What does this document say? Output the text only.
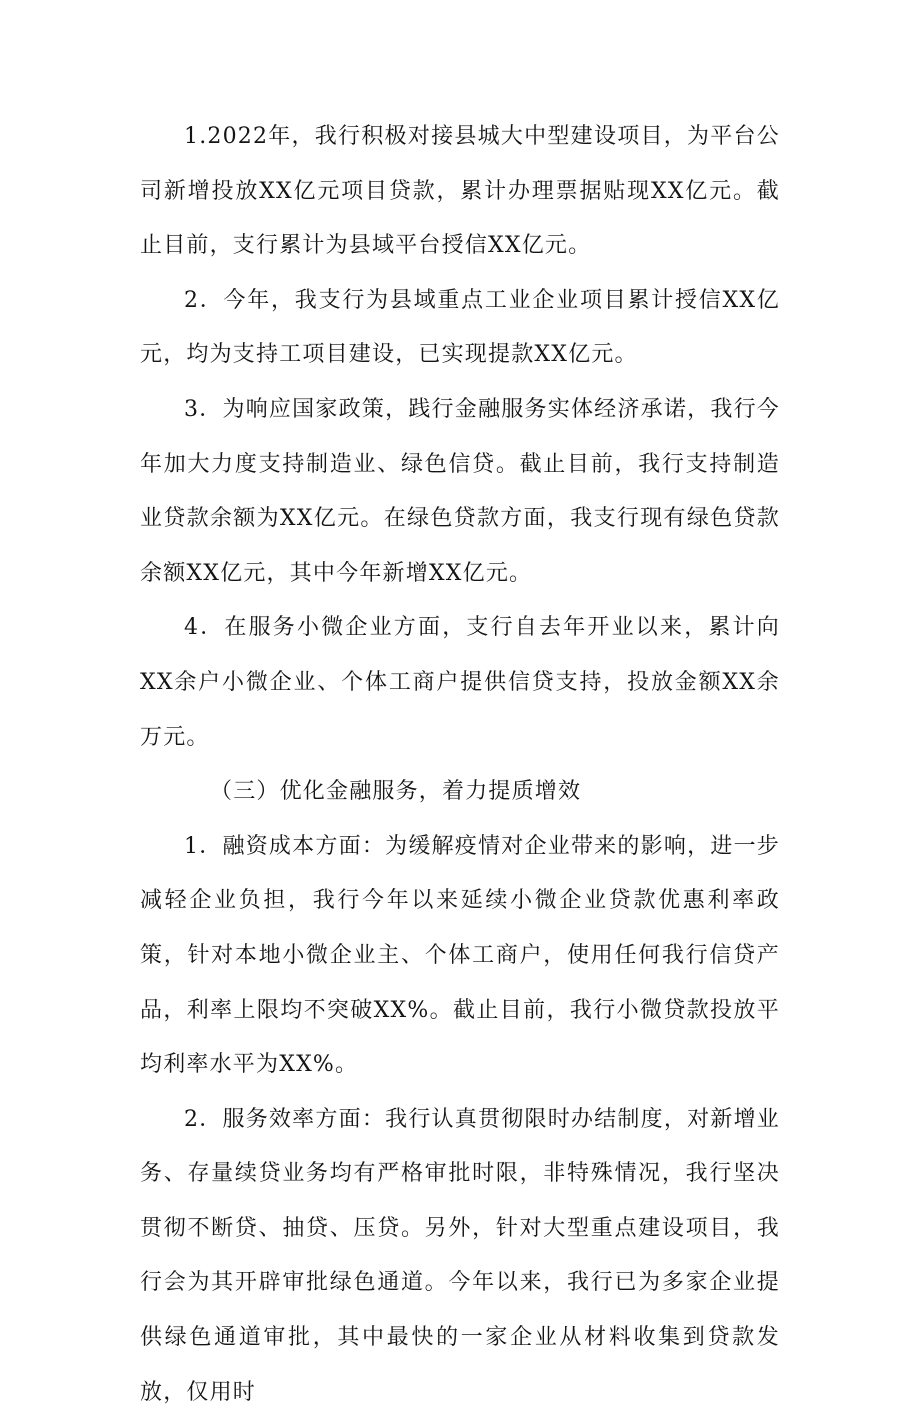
1.2022年，我行积极对接县城大中型建设项目，为平台公司新增投放XX亿元项目贷款，累计办理票据贴现XX亿元。截止目前，支行累计为县域平台授信XX亿元。

2．今年，我支行为县域重点工业企业项目累计授信XX亿元，均为支持工项目建设，已实现提款XX亿元。

3．为响应国家政策，践行金融服务实体经济承诺，我行今年加大力度支持制造业、绿色信贷。截止目前，我行支持制造业贷款余额为XX亿元。在绿色贷款方面，我支行现有绿色贷款余额XX亿元，其中今年新增XX亿元。

4．在服务小微企业方面，支行自去年开业以来，累计向XX余户小微企业、个体工商户提供信贷支持，投放金额XX余万元。

（三）优化金融服务，着力提质增效

1．融资成本方面：为缓解疫情对企业带来的影响，进一步减轻企业负担，我行今年以来延续小微企业贷款优惠利率政策，针对本地小微企业主、个体工商户，使用任何我行信贷产品，利率上限均不突破XX%。截止目前，我行小微贷款投放平均利率水平为XX%。

2．服务效率方面：我行认真贯彻限时办结制度，对新增业务、存量续贷业务均有严格审批时限，非特殊情况，我行坚决贯彻不断贷、抽贷、压贷。另外，针对大型重点建设项目，我行会为其开辟审批绿色通道。今年以来，我行已为多家企业提供绿色通道审批，其中最快的一家企业从材料收集到贷款发放，仅用时
